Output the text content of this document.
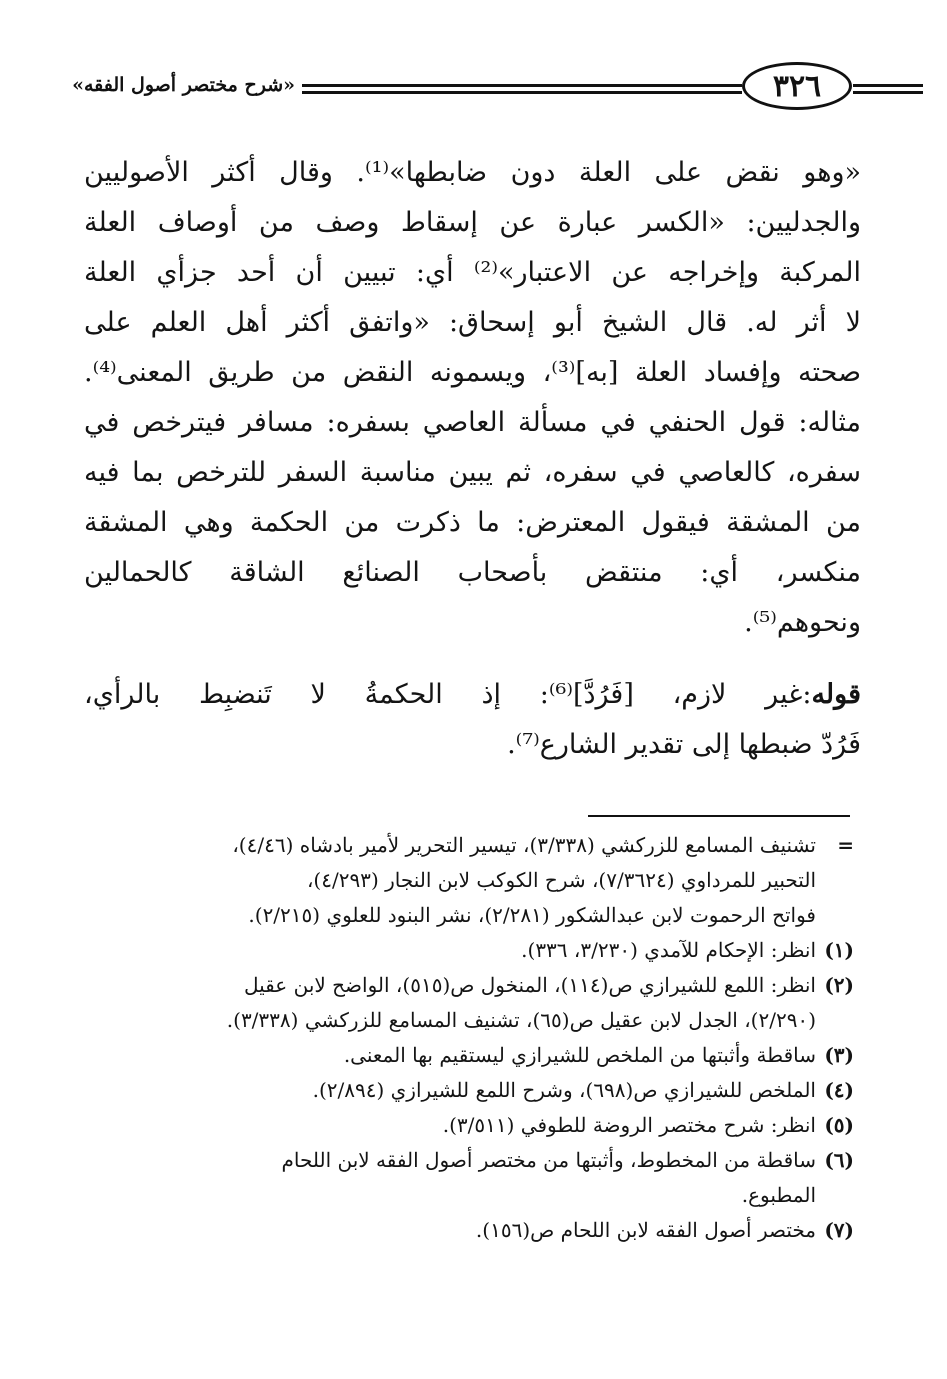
«شرح مختصر أصول الفقه»	٣٢٦
«وهو نقض على العلة دون ضابطها»⁽¹⁾. وقال أكثر الأصوليين
والجدليين: «الكسر عبارة عن إسقاط وصف من أوصاف العلة
المركبة وإخراجه عن الاعتبار»⁽²⁾ أي: تبيين أن أحد جزأي العلة
لا أثر له. قال الشيخ أبو إسحاق: «واتفق أكثر أهل العلم على
صحته وإفساد العلة [به]⁽³⁾، ويسمونه النقض من طريق المعنى⁽⁴⁾.
مثاله: قول الحنفي في مسألة العاصي بسفره: مسافر فيترخص في
سفره، كالعاصي في سفره، ثم يبين مناسبة السفر للترخص بما فيه
من المشقة فيقول المعترض: ما ذكرت من الحكمة وهي المشقة
منكسر، أي: منتقض بأصحاب الصنائع الشاقة كالحمالين
ونحوهم⁽⁵⁾.
قوله:غير لازم، [فَرُدَّ]⁽⁶⁾: إذ الحكمةُ لا تَنضبِط بالرأي،
فَرُدّ ضبطها إلى تقدير الشارع⁽⁷⁾.
=
تشنيف المسامع للزركشي (٣/٣٣٨)، تيسير التحرير لأمير بادشاه (٤/٤٦)،
التحبير للمرداوي (٧/٣٦٢٤)، شرح الكوكب لابن النجار (٤/٢٩٣)،
فواتح الرحموت لابن عبدالشكور (٢/٢٨١)، نشر البنود للعلوي (٢/٢١٥).
(١)
انظر: الإحكام للآمدي (٣/٢٣٠، ٣٣٦).
(٢)
انظر: اللمع للشيرازي ص(١١٤)، المنخول ص(٥١٥)، الواضح لابن عقيل
(٢/٢٩٠)، الجدل لابن عقيل ص(٦٥)، تشنيف المسامع للزركشي (٣/٣٣٨).
(٣)
ساقطة وأثبتها من الملخص للشيرازي ليستقيم بها المعنى.
(٤)
الملخص للشيرازي ص(٦٩٨)، وشرح اللمع للشيرازي (٢/٨٩٤).
(٥)
انظر: شرح مختصر الروضة للطوفي (٣/٥١١).
(٦)
ساقطة من المخطوط، وأثبتها من مختصر أصول الفقه لابن اللحام
المطبوع.
(٧)
مختصر أصول الفقه لابن اللحام ص(١٥٦).
